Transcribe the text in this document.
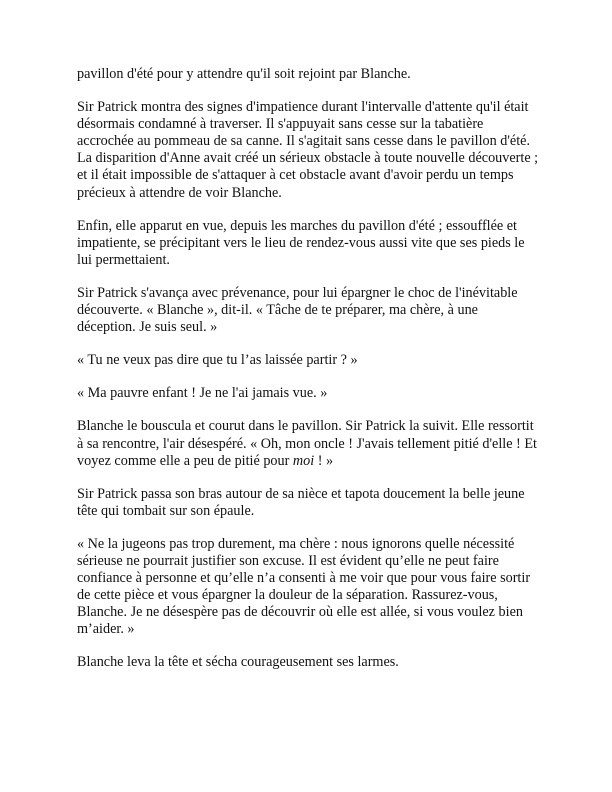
pavillon d'été pour y attendre qu'il soit rejoint par Blanche.

Sir Patrick montra des signes d'impatience durant l'intervalle d'attente qu'il était désormais condamné à traverser. Il s'appuyait sans cesse sur la tabatière accrochée au pommeau de sa canne. Il s'agitait sans cesse dans le pavillon d'été. La disparition d'Anne avait créé un sérieux obstacle à toute nouvelle découverte ; et il était impossible de s'attaquer à cet obstacle avant d'avoir perdu un temps précieux à attendre de voir Blanche.

Enfin, elle apparut en vue, depuis les marches du pavillon d'été ; essoufflée et impatiente, se précipitant vers le lieu de rendez-vous aussi vite que ses pieds le lui permettaient.

Sir Patrick s'avança avec prévenance, pour lui épargner le choc de l'inévitable découverte. « Blanche », dit-il. « Tâche de te préparer, ma chère, à une déception. Je suis seul. »

« Tu ne veux pas dire que tu l’as laissée partir ? »

« Ma pauvre enfant ! Je ne l'ai jamais vue. »

Blanche le bouscula et courut dans le pavillon. Sir Patrick la suivit. Elle ressortit à sa rencontre, l'air désespéré. « Oh, mon oncle ! J'avais tellement pitié d'elle ! Et voyez comme elle a peu de pitié pour moi ! »

Sir Patrick passa son bras autour de sa nièce et tapota doucement la belle jeune tête qui tombait sur son épaule.

« Ne la jugeons pas trop durement, ma chère : nous ignorons quelle nécessité sérieuse ne pourrait justifier son excuse. Il est évident qu’elle ne peut faire confiance à personne et qu’elle n’a consenti à me voir que pour vous faire sortir de cette pièce et vous épargner la douleur de la séparation. Rassurez-vous, Blanche. Je ne désespère pas de découvrir où elle est allée, si vous voulez bien m’aider. »

Blanche leva la tête et sécha courageusement ses larmes.
